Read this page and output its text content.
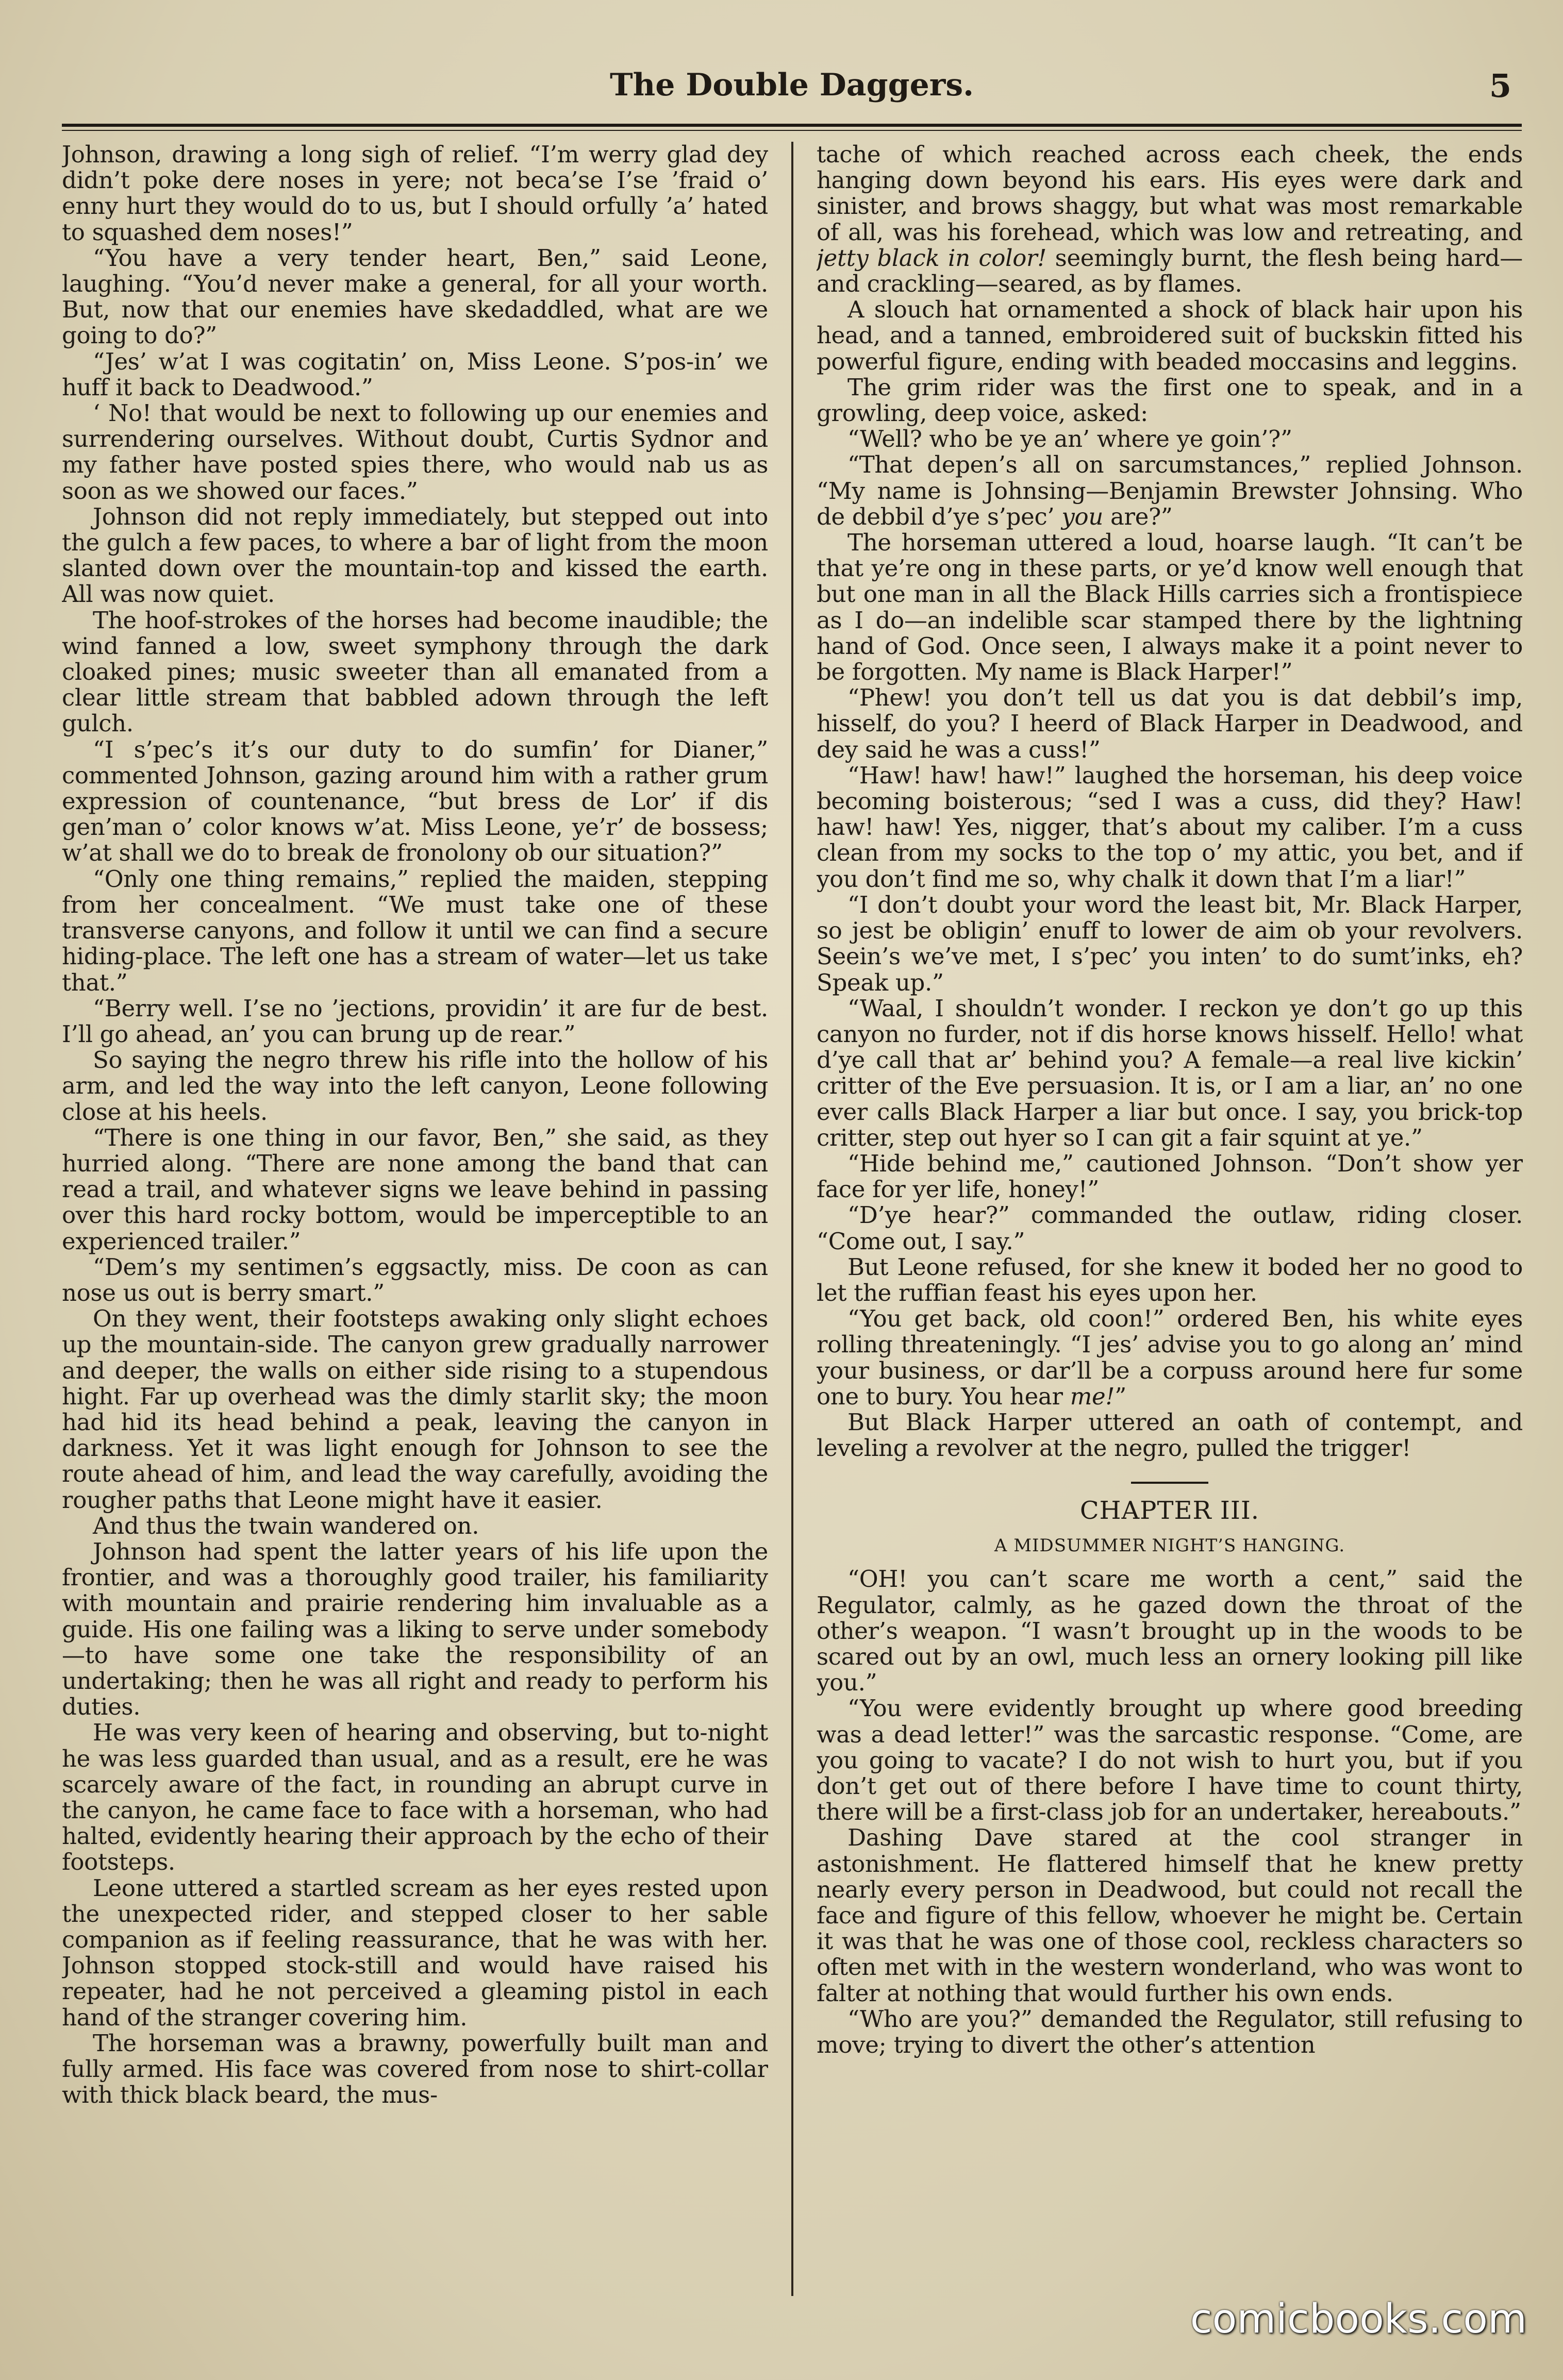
The Double Daggers.	5

Johnson, drawing a long sigh of relief. “I’m werry glad dey didn’t poke dere noses in yere; not beca’se I’se ’fraid o’ enny hurt they would do to us, but I should orfully ’a’ hated to squashed dem noses!”

“You have a very tender heart, Ben,” said Leone, laughing. “You’d never make a general, for all your worth. But, now that our enemies have skedaddled, what are we going to do?”

“Jes’ w’at I was cogitatin’ on, Miss Leone. S’pos-in’ we huff it back to Deadwood.”

‘ No! that would be next to following up our enemies and surrendering ourselves. Without doubt, Curtis Sydnor and my father have posted spies there, who would nab us as soon as we showed our faces.”

Johnson did not reply immediately, but stepped out into the gulch a few paces, to where a bar of light from the moon slanted down over the mountain-top and kissed the earth. All was now quiet.

The hoof-strokes of the horses had become inaudible; the wind fanned a low, sweet symphony through the dark cloaked pines; music sweeter than all emanated from a clear little stream that babbled adown through the left gulch.

“I s’pec’s it’s our duty to do sumfin’ for Dianer,” commented Johnson, gazing around him with a rather grum expression of countenance, “but bress de Lor’ if dis gen’man o’ color knows w’at. Miss Leone, ye’r’ de bossess; w’at shall we do to break de fronolony ob our situation?”

“Only one thing remains,” replied the maiden, stepping from her concealment. “We must take one of these transverse canyons, and follow it until we can find a secure hiding-place. The left one has a stream of water—let us take that.”

“Berry well. I’se no ’jections, providin’ it are fur de best. I’ll go ahead, an’ you can brung up de rear.”

So saying the negro threw his rifle into the hollow of his arm, and led the way into the left canyon, Leone following close at his heels.

“There is one thing in our favor, Ben,” she said, as they hurried along. “There are none among the band that can read a trail, and whatever signs we leave behind in passing over this hard rocky bottom, would be imperceptible to an experienced trailer.”

“Dem’s my sentimen’s eggsactly, miss. De coon as can nose us out is berry smart.”

On they went, their footsteps awaking only slight echoes up the mountain-side. The canyon grew gradually narrower and deeper, the walls on either side rising to a stupendous hight. Far up overhead was the dimly starlit sky; the moon had hid its head behind a peak, leaving the canyon in darkness. Yet it was light enough for Johnson to see the route ahead of him, and lead the way carefully, avoiding the rougher paths that Leone might have it easier.

And thus the twain wandered on.

Johnson had spent the latter years of his life upon the frontier, and was a thoroughly good trailer, his familiarity with mountain and prairie rendering him invaluable as a guide. His one failing was a liking to serve under somebody—to have some one take the responsibility of an undertaking; then he was all right and ready to perform his duties.

He was very keen of hearing and observing, but to-night he was less guarded than usual, and as a result, ere he was scarcely aware of the fact, in rounding an abrupt curve in the canyon, he came face to face with a horseman, who had halted, evidently hearing their approach by the echo of their footsteps.

Leone uttered a startled scream as her eyes rested upon the unexpected rider, and stepped closer to her sable companion as if feeling reassurance, that he was with her. Johnson stopped stock-still and would have raised his repeater, had he not perceived a gleaming pistol in each hand of the stranger covering him.

The horseman was a brawny, powerfully built man and fully armed. His face was covered from nose to shirt-collar with thick black beard, the mus-

tache of which reached across each cheek, the ends hanging down beyond his ears. His eyes were dark and sinister, and brows shaggy, but what was most remarkable of all, was his forehead, which was low and retreating, and jetty black in color! seemingly burnt, the flesh being hard—and crackling—seared, as by flames.

A slouch hat ornamented a shock of black hair upon his head, and a tanned, embroidered suit of buckskin fitted his powerful figure, ending with beaded moccasins and leggins.

The grim rider was the first one to speak, and in a growling, deep voice, asked:

“Well? who be ye an’ where ye goin’?”

“That depen’s all on sarcumstances,” replied Johnson. “My name is Johnsing—Benjamin Brewster Johnsing. Who de debbil d’ye s’pec’ you are?”

The horseman uttered a loud, hoarse laugh. “It can’t be that ye’re ong in these parts, or ye’d know well enough that but one man in all the Black Hills carries sich a frontispiece as I do—an indelible scar stamped there by the lightning hand of God. Once seen, I always make it a point never to be forgotten. My name is Black Harper!”

“Phew! you don’t tell us dat you is dat debbil’s imp, hisself, do you? I heerd of Black Harper in Deadwood, and dey said he was a cuss!”

“Haw! haw! haw!” laughed the horseman, his deep voice becoming boisterous; “sed I was a cuss, did they? Haw! haw! haw! Yes, nigger, that’s about my caliber. I’m a cuss clean from my socks to the top o’ my attic, you bet, and if you don’t find me so, why chalk it down that I’m a liar!”

“I don’t doubt your word the least bit, Mr. Black Harper, so jest be obligin’ enuff to lower de aim ob your revolvers. Seein’s we’ve met, I s’pec’ you inten’ to do sumt’inks, eh? Speak up.”

“Waal, I shouldn’t wonder. I reckon ye don’t go up this canyon no furder, not if dis horse knows hisself. Hello! what d’ye call that ar’ behind you? A female—a real live kickin’ critter of the Eve persuasion. It is, or I am a liar, an’ no one ever calls Black Harper a liar but once. I say, you brick-top critter, step out hyer so I can git a fair squint at ye.”

“Hide behind me,” cautioned Johnson. “Don’t show yer face for yer life, honey!”

“D’ye hear?” commanded the outlaw, riding closer. “Come out, I say.”

But Leone refused, for she knew it boded her no good to let the ruffian feast his eyes upon her.

“You get back, old coon!” ordered Ben, his white eyes rolling threateningly. “I jes’ advise you to go along an’ mind your business, or dar’ll be a corpuss around here fur some one to bury. You hear me!”

But Black Harper uttered an oath of contempt, and leveling a revolver at the negro, pulled the trigger!

CHAPTER III.

A MIDSUMMER NIGHT’S HANGING.

“OH! you can’t scare me worth a cent,” said the Regulator, calmly, as he gazed down the throat of the other’s weapon. “I wasn’t brought up in the woods to be scared out by an owl, much less an ornery looking pill like you.”

“You were evidently brought up where good breeding was a dead letter!” was the sarcastic response. “Come, are you going to vacate? I do not wish to hurt you, but if you don’t get out of there before I have time to count thirty, there will be a first-class job for an undertaker, hereabouts.”

Dashing Dave stared at the cool stranger in astonishment. He flattered himself that he knew pretty nearly every person in Deadwood, but could not recall the face and figure of this fellow, whoever he might be. Certain it was that he was one of those cool, reckless characters so often met with in the western wonderland, who was wont to falter at nothing that would further his own ends.

“Who are you?” demanded the Regulator, still refusing to move; trying to divert the other’s attention

comicbooks.com
